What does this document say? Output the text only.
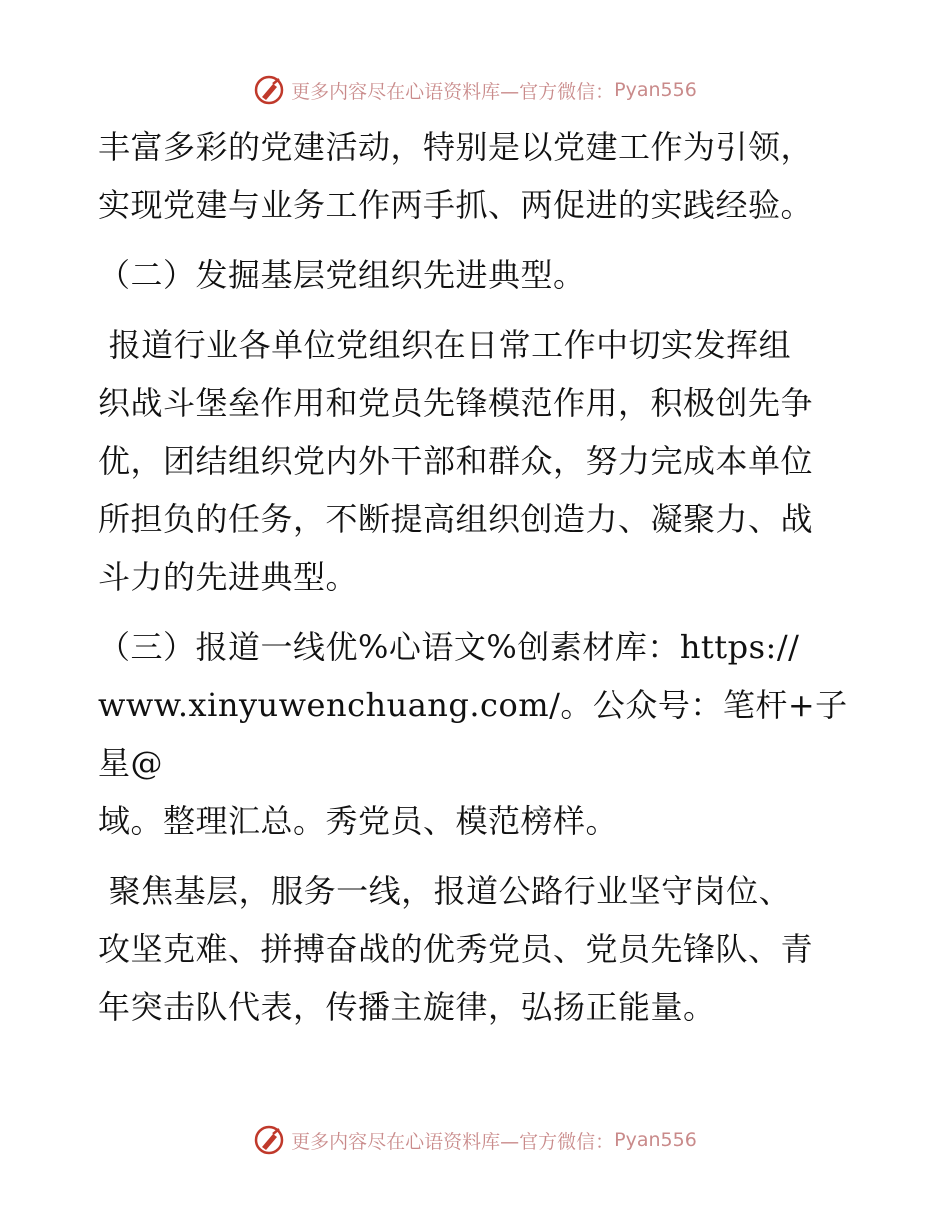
更多内容尽在心语资料库—官方微信： Pyan556

丰富多彩的党建活动，特别是以党建工作为引领，
实现党建与业务工作两手抓、两促进的实践经验。

（二）发掘基层党组织先进典型。

报道行业各单位党组织在日常工作中切实发挥组
织战斗堡垒作用和党员先锋模范作用，积极创先争
优，团结组织党内外干部和群众，努力完成本单位
所担负的任务，不断提高组织创造力、凝聚力、战
斗力的先进典型。

（三）报道一线优%心语文%创素材库：https://
www.xinyuwenchuang.com/。公众号：笔杆+子星@
域。整理汇总。秀党员、模范榜样。

聚焦基层，服务一线，报道公路行业坚守岗位、
攻坚克难、拼搏奋战的优秀党员、党员先锋队、青
年突击队代表，传播主旋律，弘扬正能量。

更多内容尽在心语资料库—官方微信： Pyan556
